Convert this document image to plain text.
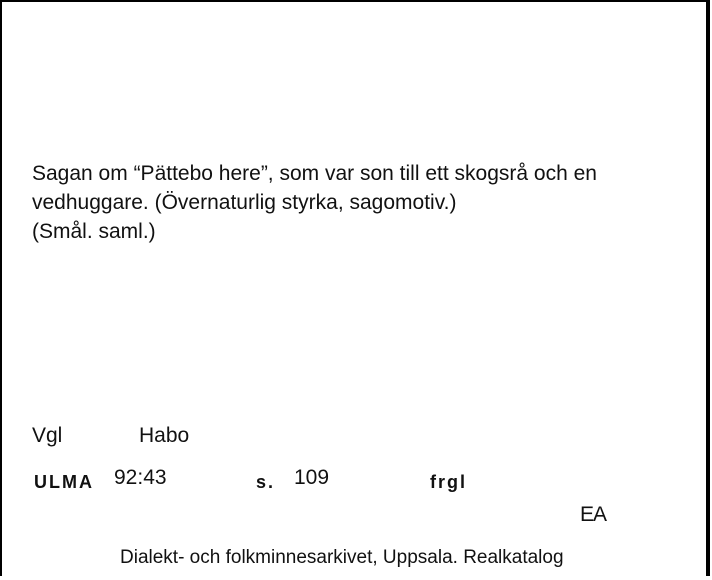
Sagan om “Pättebo here”, som var son till ett skogsrå och en
vedhuggare. (Övernaturlig styrka, sagomotiv.)
(Smål. saml.)
Vgl	Habo
ULMA 92:43	s. 109	frgl
EA
Dialekt- och folkminnesarkivet, Uppsala. Realkatalog
